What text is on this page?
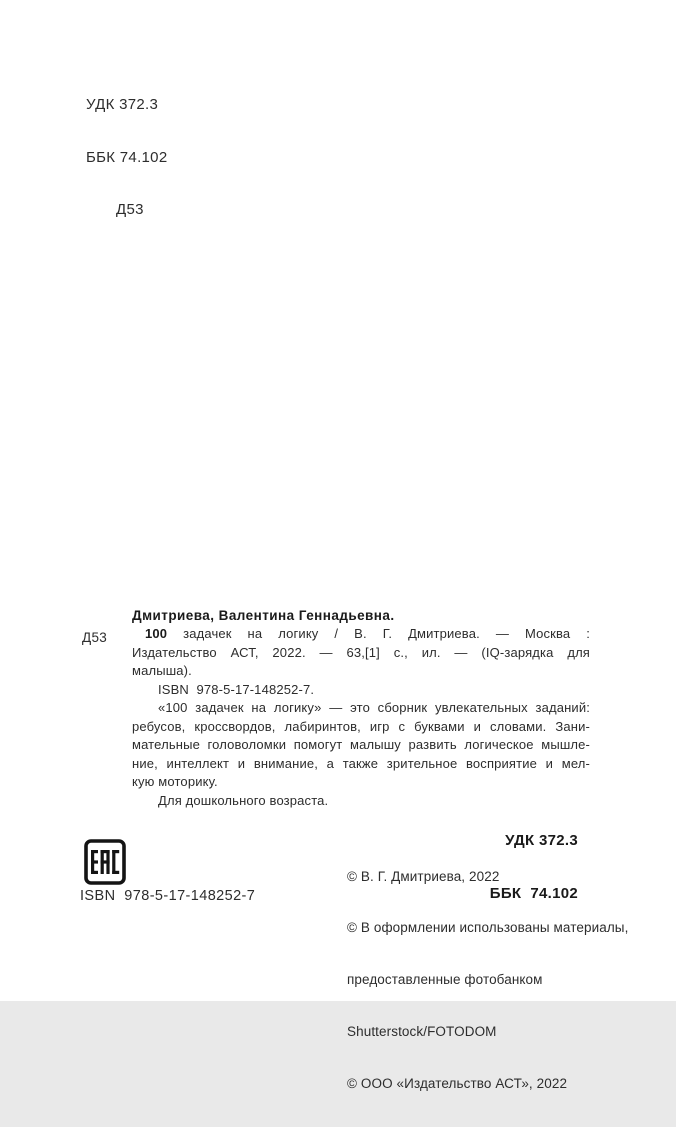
УДК 372.3

ББК 74.102

Д53

Д53
Дмитриева, Валентина Геннадьевна.
100 задачек на логику / В. Г. Дмитриева. — Москва :
Издательство АСТ, 2022. — 63,[1] с., ил. — (IQ-зарядка для
малыша).
ISBN  978-5-17-148252-7.
«100 задачек на логику» — это сборник увлекательных заданий:
ребусов, кроссвордов, лабиринтов, игр с буквами и словами. Зани-
мательные головоломки помогут малышу развить логическое мышле-
ние, интеллект и внимание, а также зрительное восприятие и мел-
кую моторику.
Для дошкольного возраста.

УДК 372.3

ББК  74.102

© В. Г. Дмитриева, 2022

© В оформлении использованы материалы,

предоставленные фотобанком

Shutterstock/FOTODOM

© ООО «Издательство АСТ», 2022

ISBN  978-5-17-148252-7
